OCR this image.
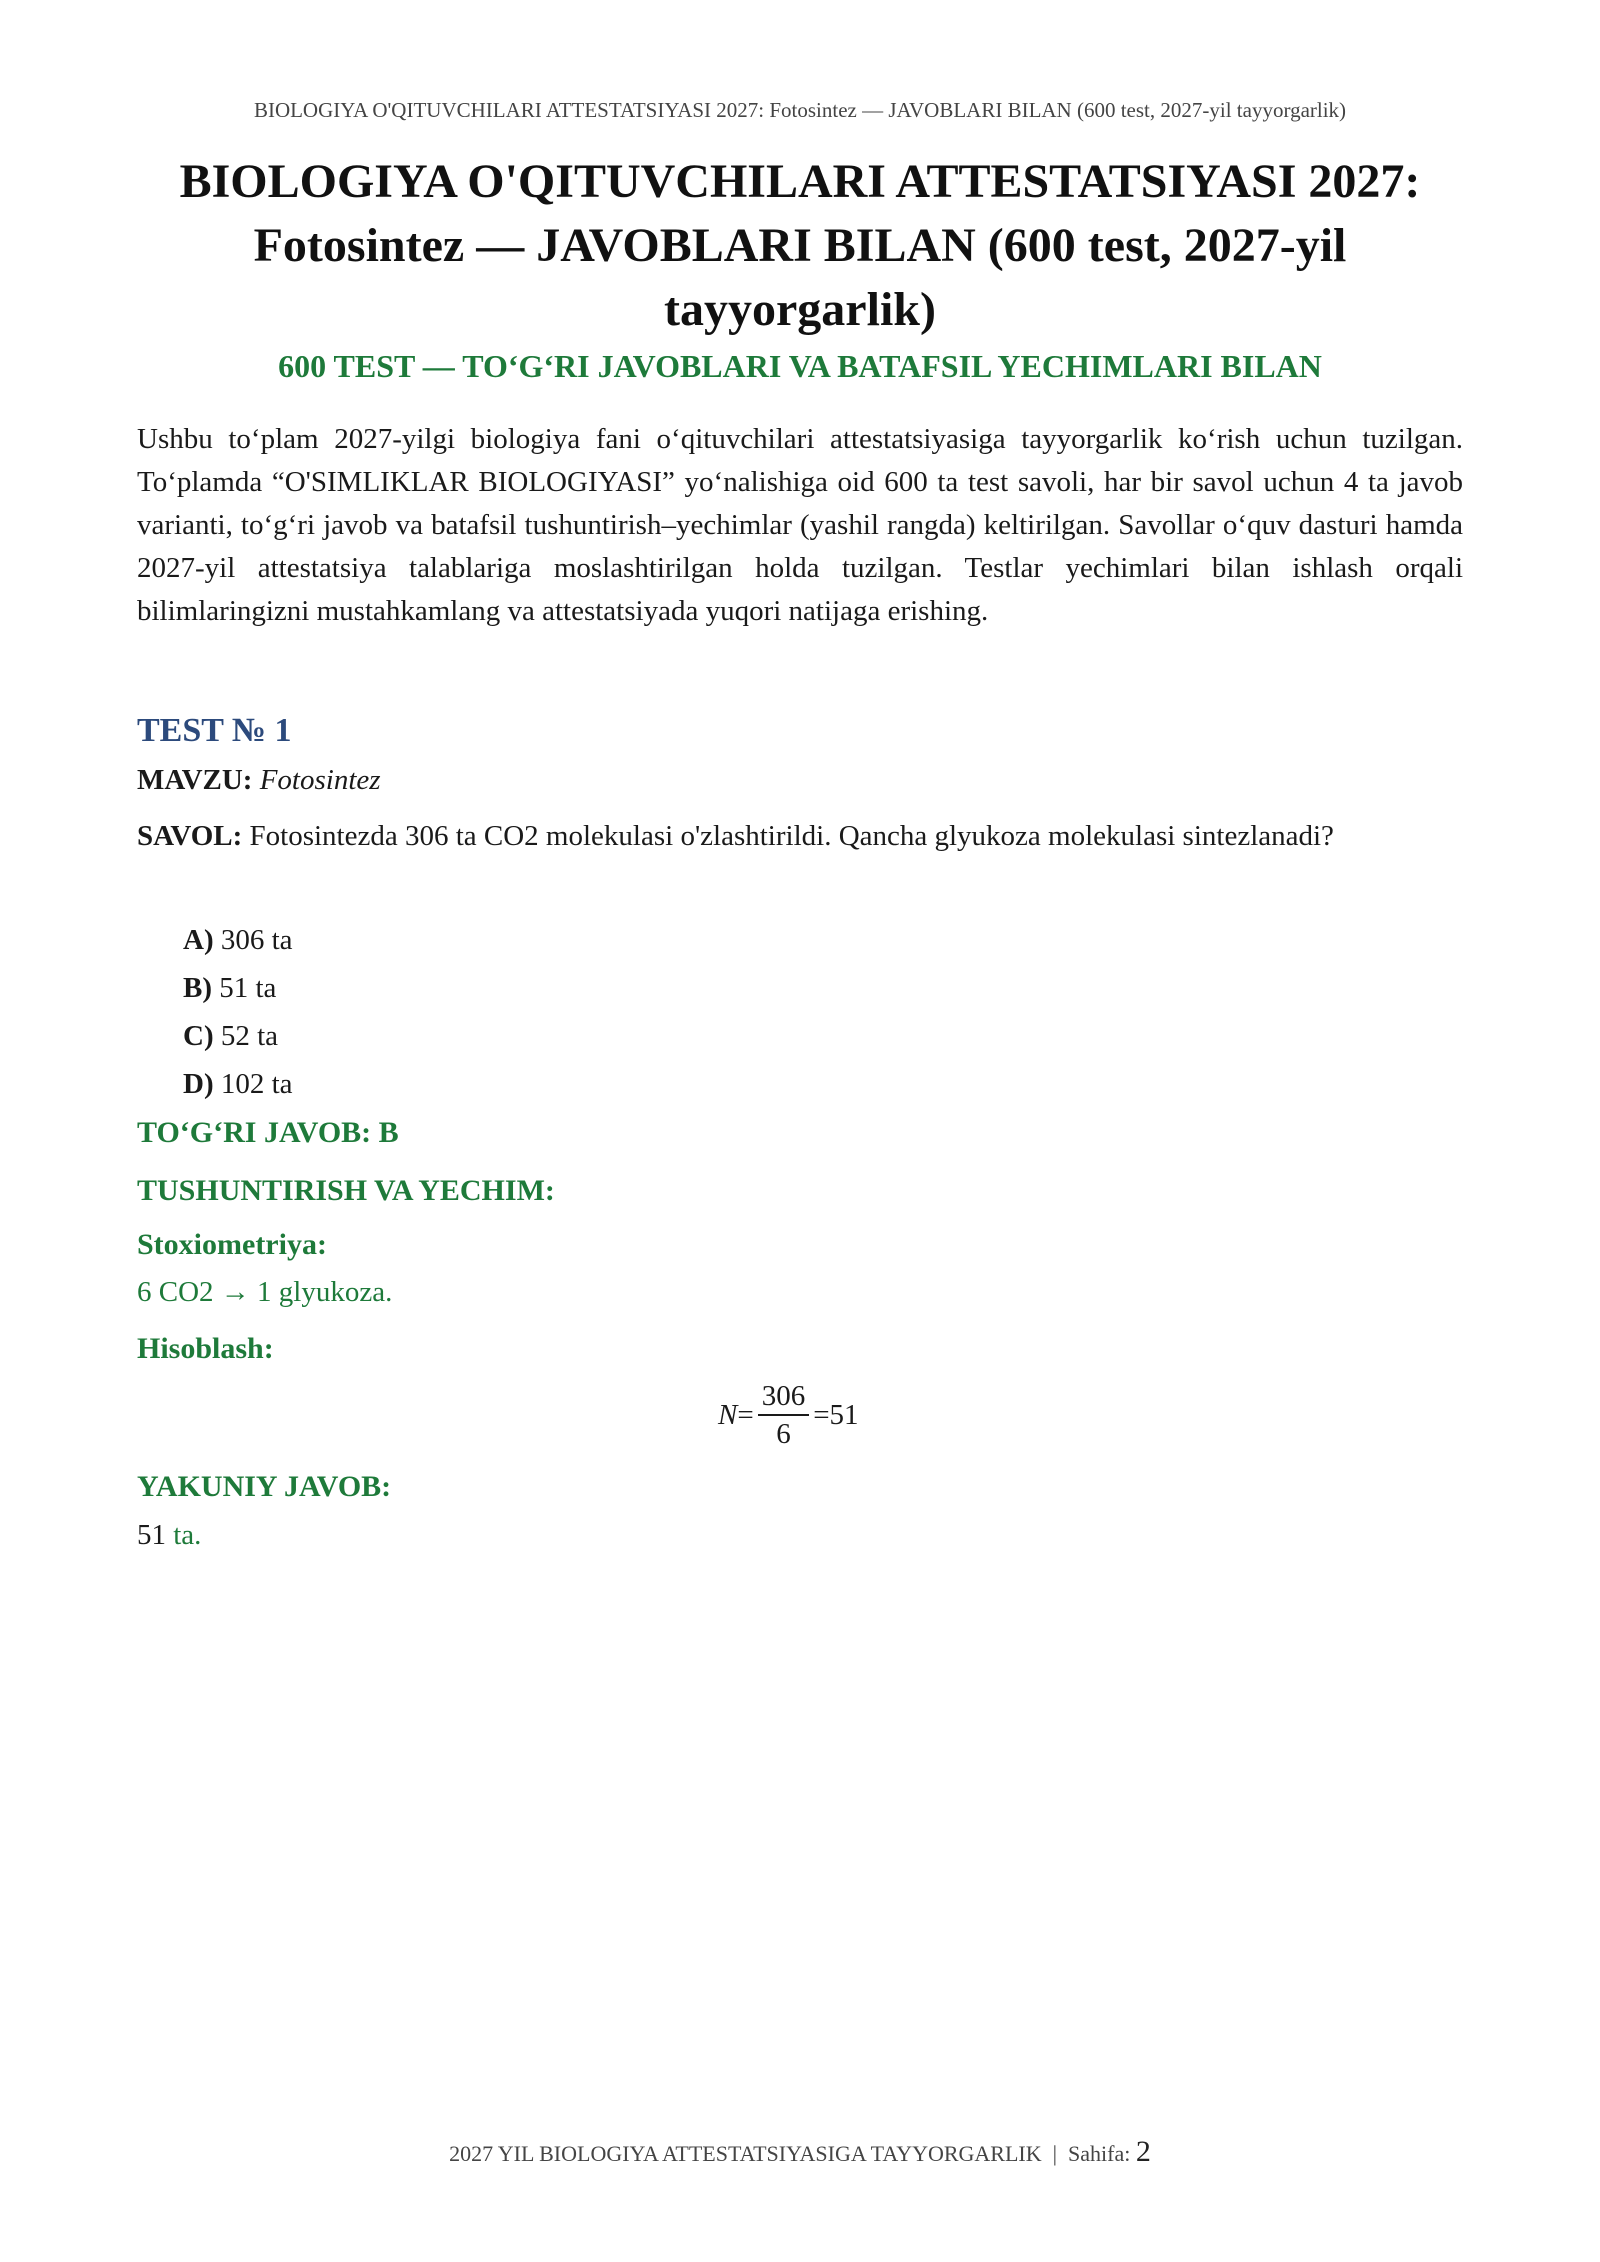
BIOLOGIYA O'QITUVCHILARI ATTESTATSIYASI 2027: Fotosintez — JAVOBLARI BILAN (600 test, 2027-yil tayyorgarlik)
BIOLOGIYA O'QITUVCHILARI ATTESTATSIYASI 2027:
Fotosintez — JAVOBLARI BILAN (600 test, 2027-yil
tayyorgarlik)
600 TEST — TO‘G‘RI JAVOBLARI VA BATAFSIL YECHIMLARI BILAN
Ushbu to‘plam 2027-yilgi biologiya fani o‘qituvchilari attestatsiyasiga tayyorgarlik ko‘rish uchun tuzilgan. To‘plamda “O'SIMLIKLAR BIOLOGIYASI” yo‘nalishiga oid 600 ta test savoli, har bir savol uchun 4 ta javob varianti, to‘g‘ri javob va batafsil tushuntirish–yechimlar (yashil rangda) keltirilgan. Savollar o‘quv dasturi hamda 2027-yil attestatsiya talablariga moslashtirilgan holda tuzilgan. Testlar yechimlari bilan ishlash orqali bilimlaringizni mustahkamlang va attestatsiyada yuqori natijaga erishing.
TEST № 1
MAVZU: Fotosintez
SAVOL: Fotosintezda 306 ta CO2 molekulasi o'zlashtirildi. Qancha glyukoza molekulasi sintezlanadi?
A) 306 ta
B) 51 ta
C) 52 ta
D) 102 ta
TO‘G‘RI JAVOB: B
TUSHUNTIRISH VA YECHIM:
Stoxiometriya:
6 CO2 → 1 glyukoza.
Hisoblash:
$N = \frac{306}{6} =51$
YAKUNIY JAVOB:
51 ta.
2027 YIL BIOLOGIYA ATTESTATSIYASIGA TAYYORGARLIK | Sahifa: 2
